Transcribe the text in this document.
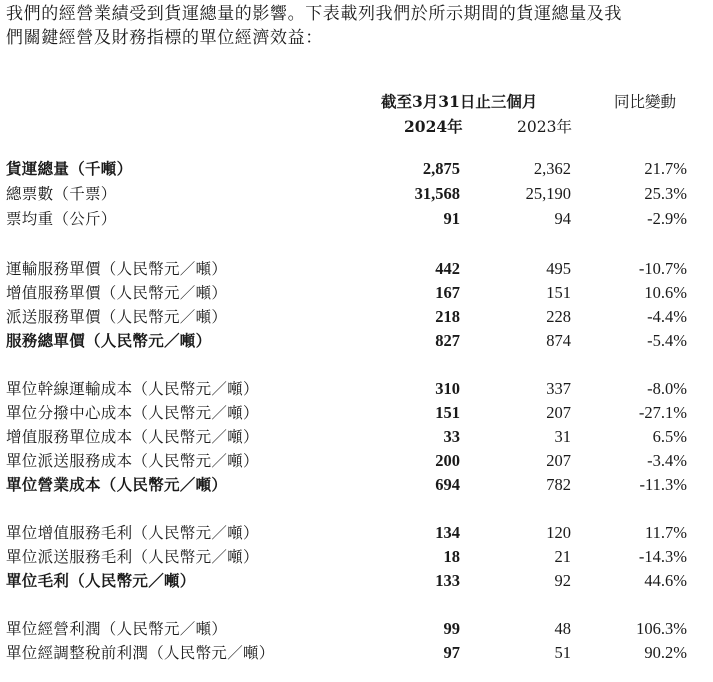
我們的經營業績受到貨運總量的影響。下表載列我們於所示期間的貨運總量及我
們關鍵經營及財務指標的單位經濟效益：
截至3月31日止三個月	同比變動
2024年	2023年
貨運總量（千噸）	2,875	2,362	21.7%
總票數（千票）	31,568	25,190	25.3%
票均重（公斤）	91	94	-2.9%
運輸服務單價（人民幣元／噸）	442	495	-10.7%
增值服務單價（人民幣元／噸）	167	151	10.6%
派送服務單價（人民幣元／噸）	218	228	-4.4%
服務總單價（人民幣元／噸）	827	874	-5.4%
單位幹線運輸成本（人民幣元／噸）	310	337	-8.0%
單位分撥中心成本（人民幣元／噸）	151	207	-27.1%
增值服務單位成本（人民幣元／噸）	33	31	6.5%
單位派送服務成本（人民幣元／噸）	200	207	-3.4%
單位營業成本（人民幣元／噸）	694	782	-11.3%
單位增值服務毛利（人民幣元／噸）	134	120	11.7%
單位派送服務毛利（人民幣元／噸）	18	21	-14.3%
單位毛利（人民幣元／噸）	133	92	44.6%
單位經營利潤（人民幣元／噸）	99	48	106.3%
單位經調整稅前利潤（人民幣元／噸）	97	51	90.2%
